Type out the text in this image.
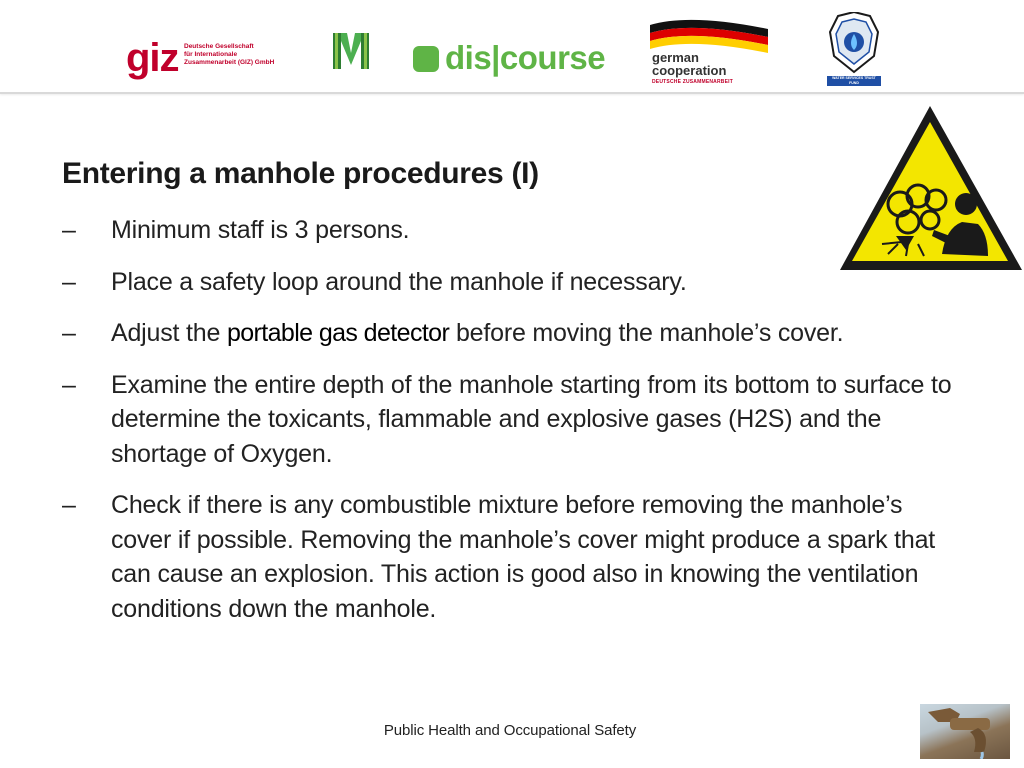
giz Deutsche Gesellschaft
für Internationale
Zusammenarbeit (GIZ) GmbH	dis|course	german
cooperation
DEUTSCHE ZUSAMMENARBEIT
WATER SERVICES TRUST FUND
Entering a manhole procedures (I)
–	Minimum staff is 3 persons.
–	Place a safety loop around the manhole if necessary.
–	Adjust the portable gas detector before moving the manhole’s cover.
–	Examine the entire depth of the manhole starting from its bottom to surface to determine the toxicants, flammable and explosive gases (H2S) and the shortage of Oxygen.
–	Check if there is any combustible mixture before removing the manhole’s cover if possible. Removing the manhole’s cover might produce a spark that can cause an explosion. This action is good also in knowing the ventilation conditions down the manhole.
Public Health and Occupational Safety
